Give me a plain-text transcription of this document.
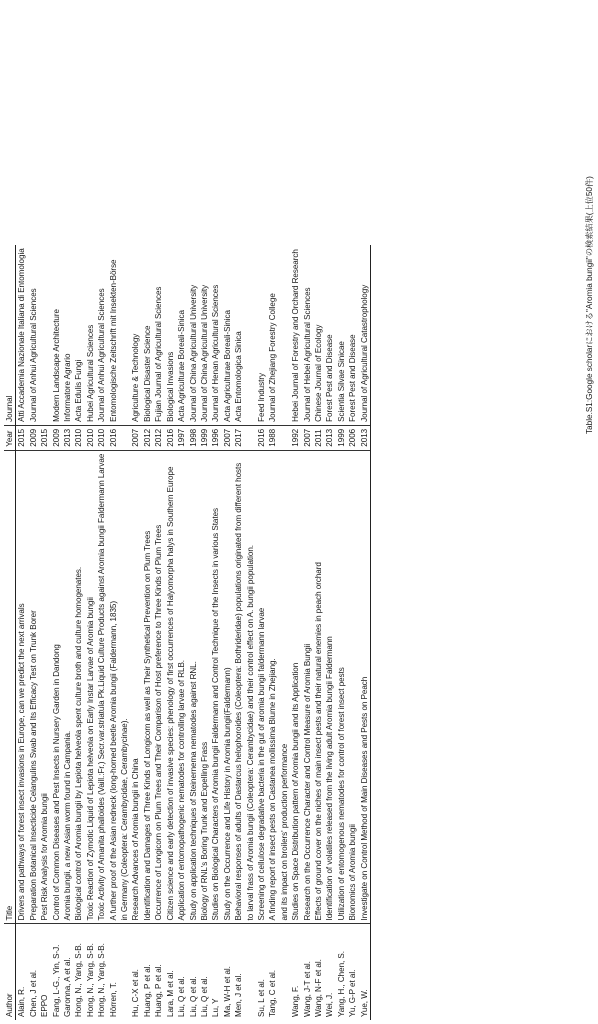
Author	Title	Year	Journal
Alain, R.	Drivers and pathways of forest insect invasions in Europe, can we predict the next arrivals	2015	Atti Accademia Nazionale Italiana di Entomologia
Chen, J et al.	Preparation Botanical Insecticide Celangulins Swab and Its Efficacy Test on Trunk Borer	2009	Journal of Anhui Agricultural Sciences
EPPO	Pest Risk Analysis for Aromia bungii	2015	
Fang, L-G., Yin, S-J.	Control of Common Diseases and Pest Insects in Nursery Garden in Dandong	2009	Modern Landscape Architecture
Garonna, A et al.	Aromia bungii, a new Asian worm found in Campania.	2013	Informatore Agrario
Hong, N., Yang, S-B.	Biological control of Aromia bungii by Lepiota helveola spent culture broth and culture homogenates.	2010	Acta Edulis Fungi
Hong, N., Yang, S-B.	Toxic Reaction of Zymotic Liquid of Lepiota helveola on Early Instar Larvae of Aromia bungii	2010	Hubei Agricultural Sciences
Hong, N., Yang, S-B.	Toxic Activity of Amanita phalloides (Vaill.:Fr.) Secr.var.striatula Pk.Liquid Culture Products against Aromia bungii Faldermann Larvae	2010	Journal of Anhui Agricultural Sciences
Hörren, T.	A further proof of the Asian redneck (long-horned beetle Aromia bungii (Faldermann, 1835)	2016	Entomologische Zeitschrift mit Insekten-Börse
	in Germany (Coleoptera: Cerambycidae, Cerambycinae).		
Hu, C-X et al.	Research Advances of Aromia bungii in China	2007	Agriculture & Technology
Huang, P et al.	Identification and Damages of Three Kinds of Longicorn as well as Their Synthetical Prevention on Plum Trees	2012	Biological Disaster Science
Huang, P et al.	Occurrence of Longicorn on Plum Trees and Their Comparison of Host preference to Three Kinds of Plum Trees	2012	Fujian Journal of Agricultural Sciences
Lara, M et al.	Citizen science and early detection of invasive species: phenology of first occurrences of Halyomorpha halys in Southern Europe	2016	Biological Invasions
Liu, Q et al.	Application of entomopathogenic nematodes for controlling larvae of RLB.	1997	Acta Agriculturae Boreali-Sinica
Liu, Q et al.	Study on application techniques of Steinernema nematodes against RNL.	1998	Journal of China Agricultural University
Liu, Q et al.	Biology of RNL's Boring Trunk and Expelling Frass	1999	Journal of China Agricultural University
Lu, Y	Studies on Biological Characters of Aromia bungii Faldermann and Control Technique of the Insects in various States	1996	Journal of Henan Agricultural Sciences
Ma, W-H et al.	Study on the Occurrence and Life History in Aromia bungii(Faldermann)	2007	Acta Agriculturae Boreali-Sinica
Men, J et al.	Behavioral responses of adults of Dastarcus helophoroides (Coleoptera: Bothrideridae) populations originated from different hosts	2017	Acta Entomologica Sinica
	to larval frass of Aromia bungii (Coleoptera: Cerambycidae) and their control effect on A. bungii population.		
Su, L et al.	Screening of cellulose degradative bacteria in the gut of aromia bungii faldermann larvae	2016	Feed Industry
Tang, C et al.	A finding report of insect pests on Castanea mollissima Blume in Zhejiang.	1988	Journal of Zhejiang Forestry College
	and its impact on broilers' production performance		
Wang, F.	Studies on Space Distribution pattern of Aromia bungii and its Application	1992	Hebei Journal of Forestry and Orchard Research
Wang, J-T et al.	Research on the Occurrence Character and Control Measure of Aromia Bungii	2007	Journal of Hebei Agricultural Sciences
Wang, N-F et al.	Effects of ground cover on the niches of main insect pests and their natural enemies in peach orchard	2011	Chinese Journal of Ecology
Wei, J.	Identification of volatiles released from the living adult Aromia bungii Faldermann	2013	Forest Pest and Disease
Yang, H., Chen, S.	Utilization of entomogenous nematodes for control of forest insect pests	1999	Scientia Silvae Sinicae
Yu, G-P et al.	Bionomics of Aromia bungii	2006	Forest Pest and Disease
Yue, W.	Investigate on Control Method of Main Diseases and Pests on Peach	2013	Journal of Agricultural Catastrophology	Table.S1:Google scholarにおける"Aromia bungii"の検索結果(上位50件)
